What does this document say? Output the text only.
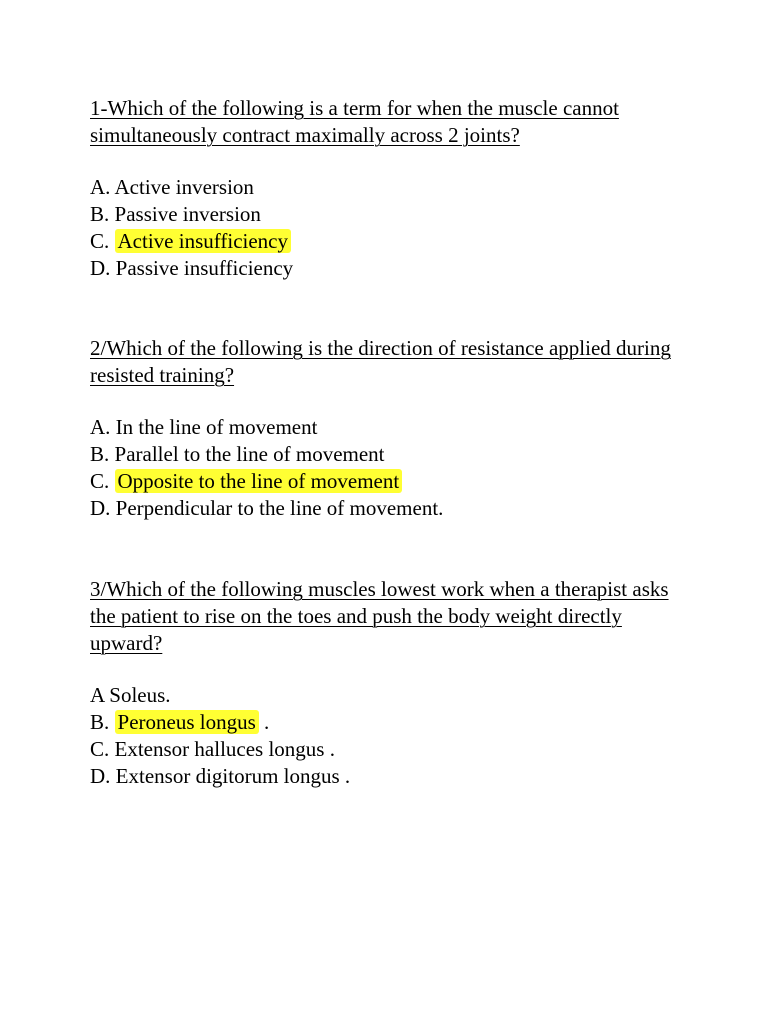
1-Which of the following is a term for when the muscle cannot simultaneously contract maximally across 2 joints?

A. Active inversion
B. Passive inversion
C. Active insufficiency
D. Passive insufficiency

2/Which of the following is the direction of resistance applied during resisted training?

A. In the line of movement
B. Parallel to the line of movement
C. Opposite to the line of movement
D. Perpendicular to the line of movement.

3/Which of the following muscles lowest work when a therapist asks the patient to rise on the toes and push the body weight directly upward?

A Soleus.
B. Peroneus longus .
C. Extensor halluces longus .
D. Extensor digitorum longus .
